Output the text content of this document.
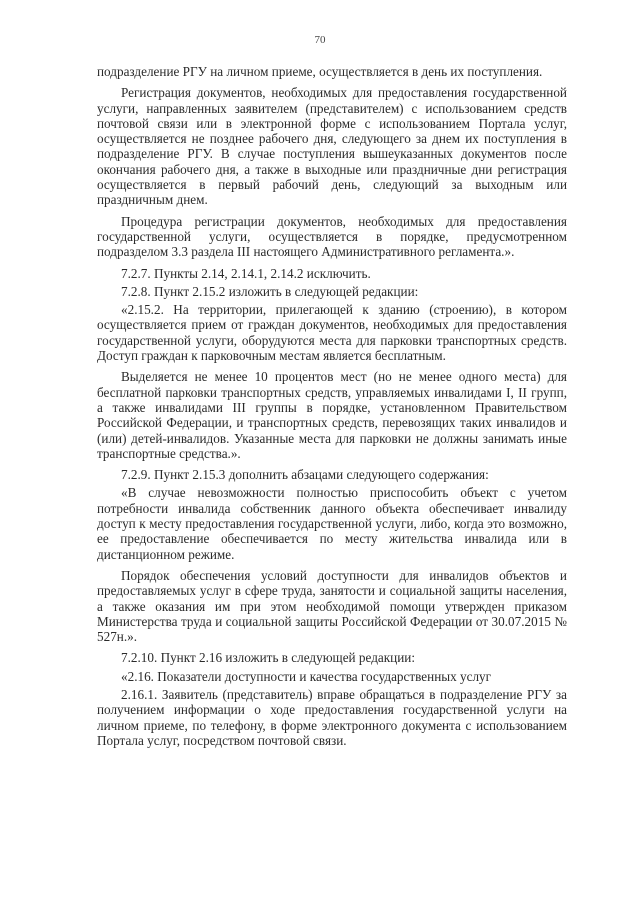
70

подразделение РГУ на личном приеме, осуществляется в день их поступления.

Регистрация документов, необходимых для предоставления государственной услуги, направленных заявителем (представителем) с использованием средств почтовой связи или в электронной форме с использованием Портала услуг, осуществляется не позднее рабочего дня, следующего за днем их поступления в подразделение РГУ. В случае поступления вышеуказанных документов после окончания рабочего дня, а также в выходные или праздничные дни регистрация осуществляется в первый рабочий день, следующий за выходным или праздничным днем.

Процедура регистрации документов, необходимых для предоставления государственной услуги, осуществляется в порядке, предусмотренном подразделом 3.3 раздела III настоящего Административного регламента.».

7.2.7. Пункты 2.14, 2.14.1, 2.14.2 исключить.

7.2.8. Пункт 2.15.2 изложить в следующей редакции:

«2.15.2. На территории, прилегающей к зданию (строению), в котором осуществляется прием от граждан документов, необходимых для предоставления государственной услуги, оборудуются места для парковки транспортных средств. Доступ граждан к парковочным местам является бесплатным.

Выделяется не менее 10 процентов мест (но не менее одного места) для бесплатной парковки транспортных средств, управляемых инвалидами I, II групп, а также инвалидами III группы в порядке, установленном Правительством Российской Федерации, и транспортных средств, перевозящих таких инвалидов и (или) детей-инвалидов. Указанные места для парковки не должны занимать иные транспортные средства.».

7.2.9. Пункт 2.15.3 дополнить абзацами следующего содержания:

«В случае невозможности полностью приспособить объект с учетом потребности инвалида собственник данного объекта обеспечивает инвалиду доступ к месту предоставления государственной услуги, либо, когда это возможно, ее предоставление обеспечивается по месту жительства инвалида или в дистанционном режиме.

Порядок обеспечения условий доступности для инвалидов объектов и предоставляемых услуг в сфере труда, занятости и социальной защиты населения, а также оказания им при этом необходимой помощи утвержден приказом Министерства труда и социальной защиты Российской Федерации от 30.07.2015 № 527н.».

7.2.10. Пункт 2.16 изложить в следующей редакции:

«2.16. Показатели доступности и качества государственных услуг

2.16.1. Заявитель (представитель) вправе обращаться в подразделение РГУ за получением информации о ходе предоставления государственной услуги на личном приеме, по телефону, в форме электронного документа с использованием Портала услуг, посредством почтовой связи.
